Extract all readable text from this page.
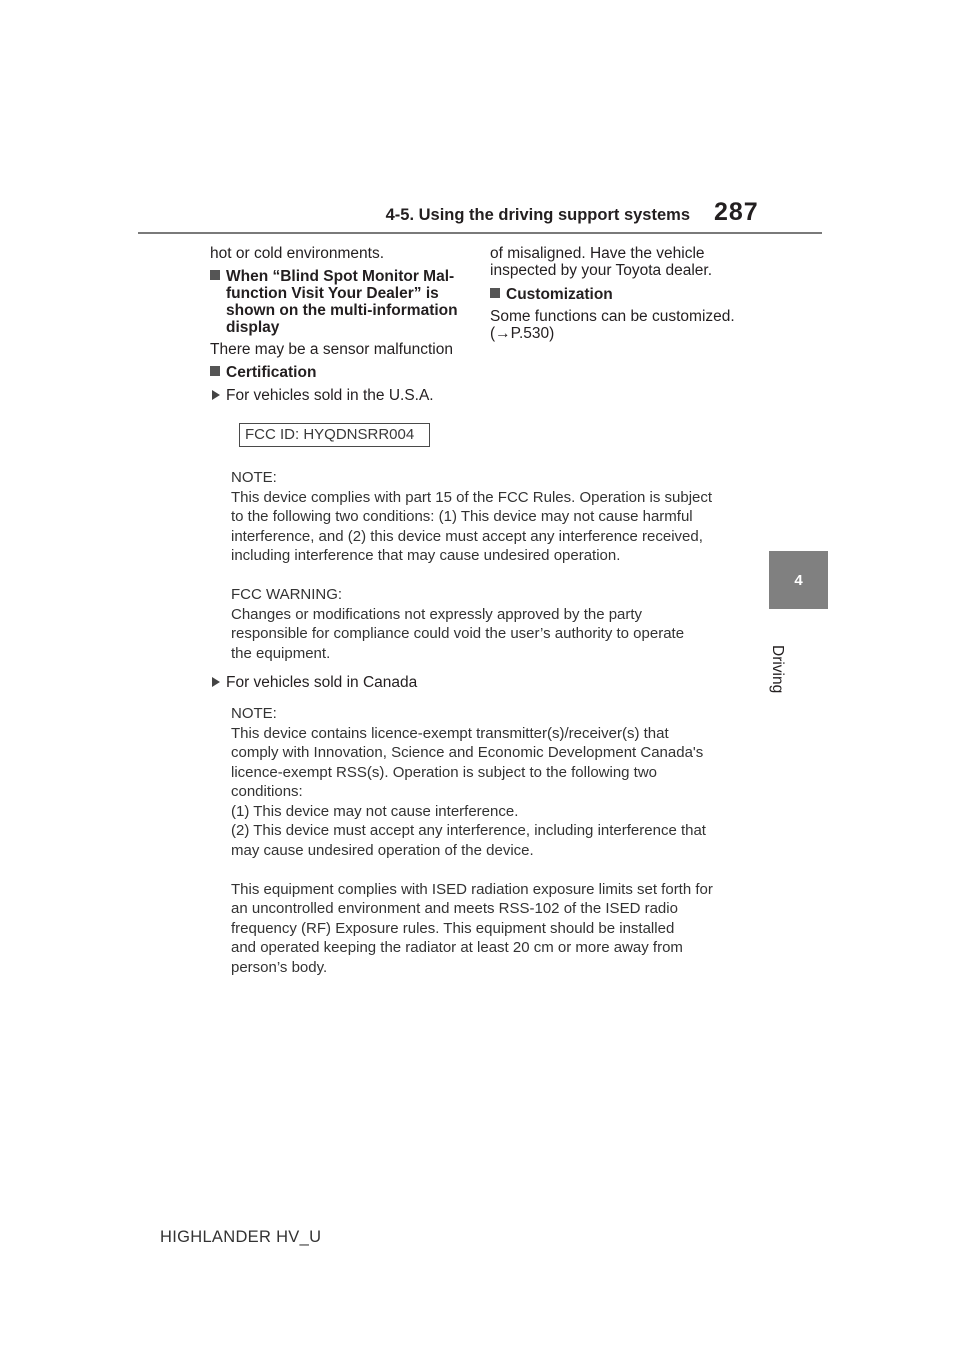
4-5. Using the driving support systems 287
4
Driving
hot or cold environments.
When “Blind Spot Monitor Mal-
function Visit Your Dealer” is
shown on the multi-information
display
There may be a sensor malfunction
Certification
For vehicles sold in the U.S.A.
of misaligned. Have the vehicle
inspected by your Toyota dealer.
Customization
Some functions can be customized.
(→P.530)
FCC ID: HYQDNSRR004
NOTE:
This device complies with part 15 of the FCC Rules. Operation is subject
to the following two conditions: (1) This device may not cause harmful
interference, and (2) this device must accept any interference received,
including interference that may cause undesired operation.
FCC WARNING:
Changes or modifications not expressly approved by the party
responsible for compliance could void the user’s authority to operate
the equipment.
For vehicles sold in Canada
NOTE:
This device contains licence-exempt transmitter(s)/receiver(s) that
comply with Innovation, Science and Economic Development Canada's
licence-exempt RSS(s). Operation is subject to the following two
conditions:
(1) This device may not cause interference.
(2) This device must accept any interference, including interference that
may cause undesired operation of the device.
This equipment complies with ISED radiation exposure limits set forth for
an uncontrolled environment and meets RSS-102 of the ISED radio
frequency (RF) Exposure rules. This equipment should be installed
and operated keeping the radiator at least 20 cm or more away from
person’s body.
HIGHLANDER HV_U
